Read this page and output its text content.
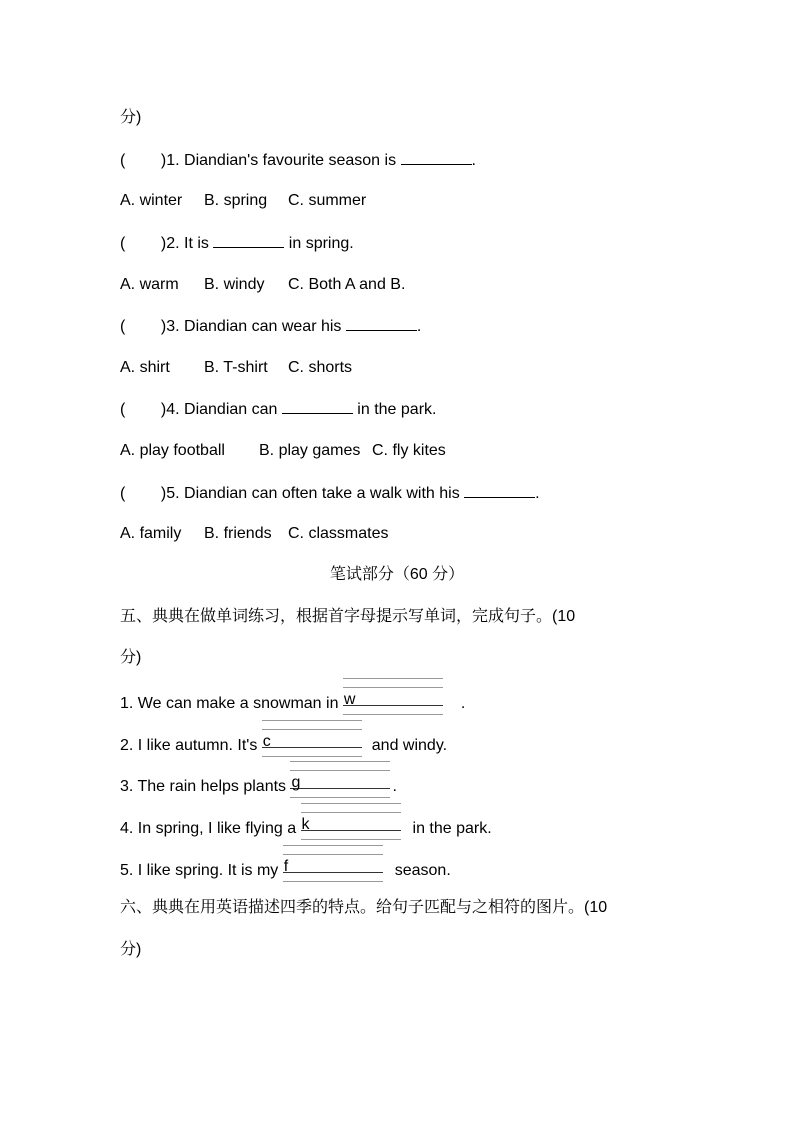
分)
(        )1. Diandian's favourite season is	.
A. winter B. spring C. summer
(        )2. It is	in spring.
A. warm B. windy C. Both A and B.
(        )3. Diandian can wear his	.
A. shirt B. T-shirt C. shorts
(        )4. Diandian can	in the park.
A. play football B. play games C. fly kites
(        )5. Diandian can often take a walk with his	.
A. family B. friends C. classmates
笔试部分（60 分）
五、典典在做单词练习，根据首字母提示写单词，完成句子。(10
分)
1. We can make a snowman in w	.
2. I like autumn. It's c	and windy.
3. The rain helps plants g	.
4. In spring, I like flying a k	in the park.
5. I like spring. It is my f	season.
六、典典在用英语描述四季的特点。给句子匹配与之相符的图片。(10
分)
